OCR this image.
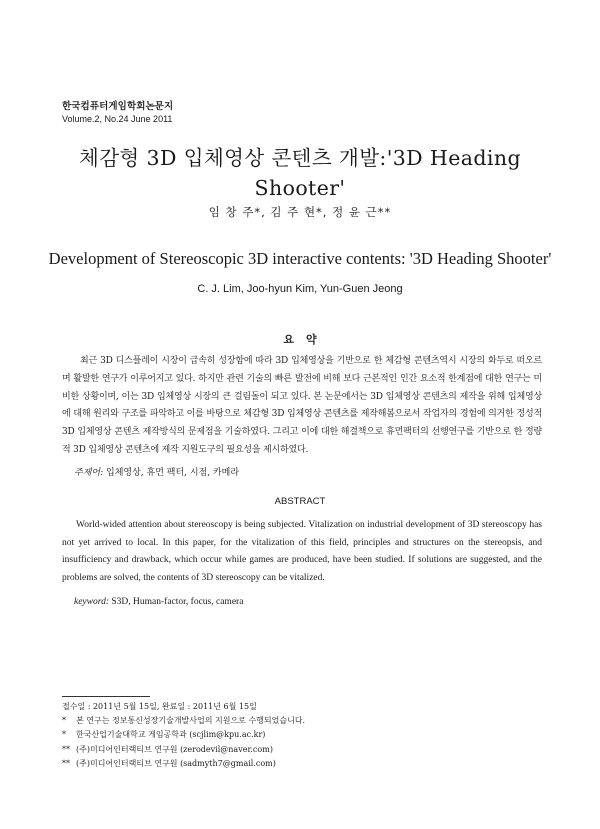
한국컴퓨터게임학회논문지
Volume.2, No.24 June 2011
체감형 3D 입체영상 콘텐츠 개발:'3D Heading Shooter'
임 창 주*, 김 주 현*, 정 윤 근**
Development of Stereoscopic 3D interactive contents: '3D Heading Shooter'
C. J. Lim, Joo-hyun Kim, Yun-Guen Jeong
요약
최근 3D 디스플레이 시장이 급속히 성장함에 따라 3D 입체영상을 기반으로 한 체감형 콘텐츠역시 시장의 화두로 떠오르며 활발한 연구가 이루어지고 있다. 하지만 관련 기술의 빠른 발전에 비해 보다 근본적인 인간 요소적 한계점에 대한 연구는 미비한 상황이며, 이는 3D 입체영상 시장의 큰 걸림돌이 되고 있다. 본 논문에서는 3D 입체영상 콘텐츠의 제작을 위해 입체영상에 대해 원리와 구조를 파악하고 이를 바탕으로 체감형 3D 입체영상 콘텐츠를 제작해봄으로서 작업자의 경험에 의거한 정성적 3D 입체영상 콘텐츠 제작방식의 문제점을 기술하였다. 그리고 이에 대한 해결책으로 휴먼팩터의 선행연구를 기반으로 한 정량적 3D 입체영상 콘텐츠에 제작 지원도구의 필요성을 제시하였다.
주제어: 입체영상, 휴먼 팩터, 시점, 카메라
ABSTRACT
World-wided attention about stereoscopy is being subjected. Vitalization on industrial development of 3D stereoscopy has not yet arrived to local. In this paper, for the vitalization of this field, principles and structures on the stereopsis, and insufficiency and drawback, which occur while games are produced, have been studied. If solutions are suggested, and the problems are solved, the contents of 3D stereoscopy can be vitalized.
keyword: S3D, Human-factor, focus, camera
접수일 : 2011년 5월 15일, 완료일 : 2011년 6월 15일
* 본 연구는 정보통신성장기술개발사업의 지원으로 수행되었습니다.
* 한국산업기술대학교 게임공학과 (scjlim@kpu.ac.kr)
** (주)미디어인터랙티브 연구원 (zerodevil@naver.com)
** (주)미디어인터랙티브 연구원 (sadmyth7@gmail.com)
